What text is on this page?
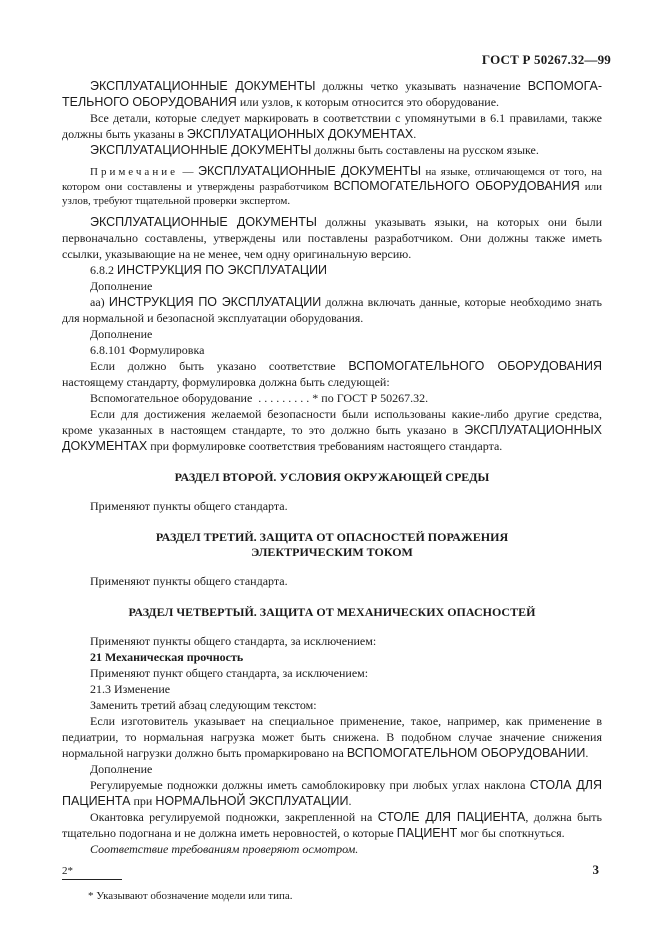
ГОСТ Р 50267.32—99

ЭКСПЛУАТАЦИОННЫЕ ДОКУМЕНТЫ должны четко указывать назначение ВСПОМОГА-ТЕЛЬНОГО ОБОРУДОВАНИЯ или узлов, к которым относится это оборудование.

Все детали, которые следует маркировать в соответствии с упомянутыми в 6.1 правилами, также должны быть указаны в ЭКСПЛУАТАЦИОННЫХ ДОКУМЕНТАХ.

ЭКСПЛУАТАЦИОННЫЕ ДОКУМЕНТЫ должны быть составлены на русском языке.

Примечание — ЭКСПЛУАТАЦИОННЫЕ ДОКУМЕНТЫ на языке, отличающемся от того, на котором они составлены и утверждены разработчиком ВСПОМОГАТЕЛЬНОГО ОБОРУДОВАНИЯ или узлов, требуют тщательной проверки экспертом.

ЭКСПЛУАТАЦИОННЫЕ ДОКУМЕНТЫ должны указывать языки, на которых они были первоначально составлены, утверждены или поставлены разработчиком. Они должны также иметь ссылки, указывающие на не менее, чем одну оригинальную версию.

6.8.2 ИНСТРУКЦИЯ ПО ЭКСПЛУАТАЦИИ

Дополнение

аа) ИНСТРУКЦИЯ ПО ЭКСПЛУАТАЦИИ должна включать данные, которые необходимо знать для нормальной и безопасной эксплуатации оборудования.

Дополнение

6.8.101 Формулировка

Если должно быть указано соответствие ВСПОМОГАТЕЛЬНОГО ОБОРУДОВАНИЯ настоящему стандарту, формулировка должна быть следующей:

Вспомогательное оборудование  . . . . . . . . . * по ГОСТ Р 50267.32.

Если для достижения желаемой безопасности были использованы какие-либо другие средства, кроме указанных в настоящем стандарте, то это должно быть указано в ЭКСПЛУАТАЦИОННЫХ ДОКУМЕНТАХ при формулировке соответствия требованиям настоящего стандарта.

РАЗДЕЛ ВТОРОЙ. УСЛОВИЯ ОКРУЖАЮЩЕЙ СРЕДЫ

Применяют пункты общего стандарта.

РАЗДЕЛ ТРЕТИЙ. ЗАЩИТА ОТ ОПАСНОСТЕЙ ПОРАЖЕНИЯ
ЭЛЕКТРИЧЕСКИМ ТОКОМ

Применяют пункты общего стандарта.

РАЗДЕЛ ЧЕТВЕРТЫЙ. ЗАЩИТА ОТ МЕХАНИЧЕСКИХ ОПАСНОСТЕЙ

Применяют пункты общего стандарта, за исключением:

21 Механическая прочность

Применяют пункт общего стандарта, за исключением:

21.3 Изменение

Заменить третий абзац следующим текстом:

Если изготовитель указывает на специальное применение, такое, например, как применение в педиатрии, то нормальная нагрузка может быть снижена. В подобном случае значение снижения нормальной нагрузки должно быть промаркировано на ВСПОМОГАТЕЛЬНОМ ОБОРУДОВАНИИ.

Дополнение

Регулируемые подножки должны иметь самоблокировку при любых углах наклона СТОЛА ДЛЯ ПАЦИЕНТА при НОРМАЛЬНОЙ ЭКСПЛУАТАЦИИ.

Окантовка регулируемой подножки, закрепленной на СТОЛЕ ДЛЯ ПАЦИЕНТА, должна быть тщательно подогнана и не должна иметь неровностей, о которые ПАЦИЕНТ мог бы споткнуться.

Соответствие требованиям проверяют осмотром.

* Указывают обозначение модели или типа.

2*	3
